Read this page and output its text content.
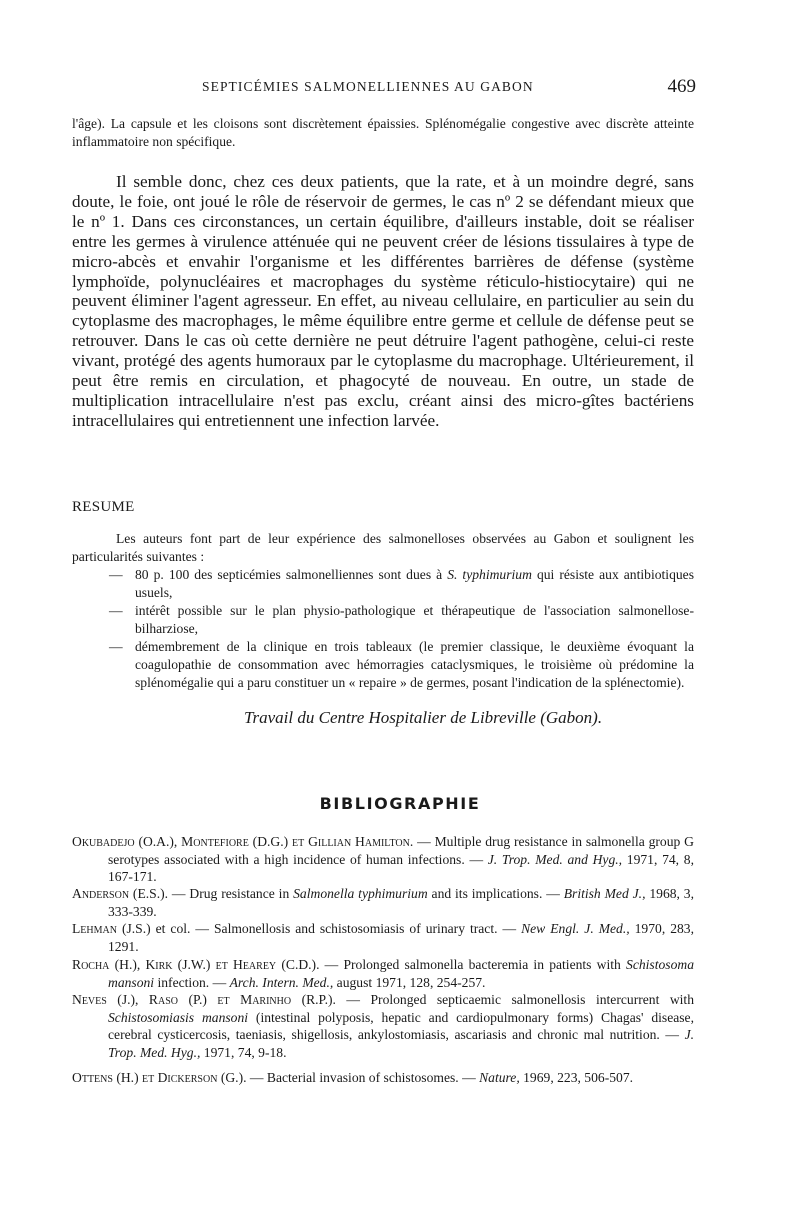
SEPTICÉMIES SALMONELLIENNES AU GABON	469

l'âge). La capsule et les cloisons sont discrètement épaissies. Splénomégalie congestive avec discrète atteinte inflammatoire non spécifique.

Il semble donc, chez ces deux patients, que la rate, et à un moindre degré, sans doute, le foie, ont joué le rôle de réservoir de germes, le cas nº 2 se défendant mieux que le nº 1. Dans ces circonstances, un certain équilibre, d'ailleurs instable, doit se réaliser entre les germes à virulence atténuée qui ne peuvent créer de lésions tissulaires à type de micro-abcès et envahir l'organisme et les différentes barrières de défense (système lymphoïde, polynucléaires et macrophages du système réticulo-histiocytaire) qui ne peuvent éliminer l'agent agresseur. En effet, au niveau cellulaire, en particulier au sein du cytoplasme des macrophages, le même équilibre entre germe et cellule de défense peut se retrouver. Dans le cas où cette dernière ne peut détruire l'agent pathogène, celui-ci reste vivant, protégé des agents humoraux par le cytoplasme du macrophage. Ultérieurement, il peut être remis en circulation, et phagocyté de nouveau. En outre, un stade de multiplication intracellulaire n'est pas exclu, créant ainsi des micro-gîtes bactériens intracellulaires qui entretiennent une infection larvée.

RESUME

Les auteurs font part de leur expérience des salmonelloses observées au Gabon et soulignent les particularités suivantes :

— 80 p. 100 des septicémies salmonelliennes sont dues à S. typhimurium qui résiste aux antibiotiques usuels,
— intérêt possible sur le plan physio-pathologique et thérapeutique de l'association salmonellose-bilharziose,
— démembrement de la clinique en trois tableaux (le premier classique, le deuxième évoquant la coagulopathie de consommation avec hémorragies cataclysmiques, le troisième où prédomine la splénomégalie qui a paru constituer un « repaire » de germes, posant l'indication de la splénectomie).
Travail du Centre Hospitalier de Libreville (Gabon).
BIBLIOGRAPHIE
Okubadejo (O.A.), Montefiore (D.G.) et Gillian Hamilton. — Multiple drug resistance in salmonella group G serotypes associated with a high incidence of human infections. — J. Trop. Med. and Hyg., 1971, 74, 8, 167-171.
Anderson (E.S.). — Drug resistance in Salmonella typhimurium and its implications. — British Med J., 1968, 3, 333-339.
Lehman (J.S.) et col. — Salmonellosis and schistosomiasis of urinary tract. — New Engl. J. Med., 1970, 283, 1291.
Rocha (H.), Kirk (J.W.) et Hearey (C.D.). — Prolonged salmonella bacteremia in patients with Schistosoma mansoni infection. — Arch. Intern. Med., august 1971, 128, 254-257.
Neves (J.), Raso (P.) et Marinho (R.P.). — Prolonged septicaemic salmonellosis intercurrent with Schistosomiasis mansoni (intestinal polyposis, hepatic and cardiopulmonary forms) Chagas' disease, cerebral cysticercosis, taeniasis, shigellosis, ankylostomiasis, ascariasis and chronic mal nutrition. — J. Trop. Med. Hyg., 1971, 74, 9-18.
Ottens (H.) et Dickerson (G.). — Bacterial invasion of schistosomes. — Nature, 1969, 223, 506-507.
